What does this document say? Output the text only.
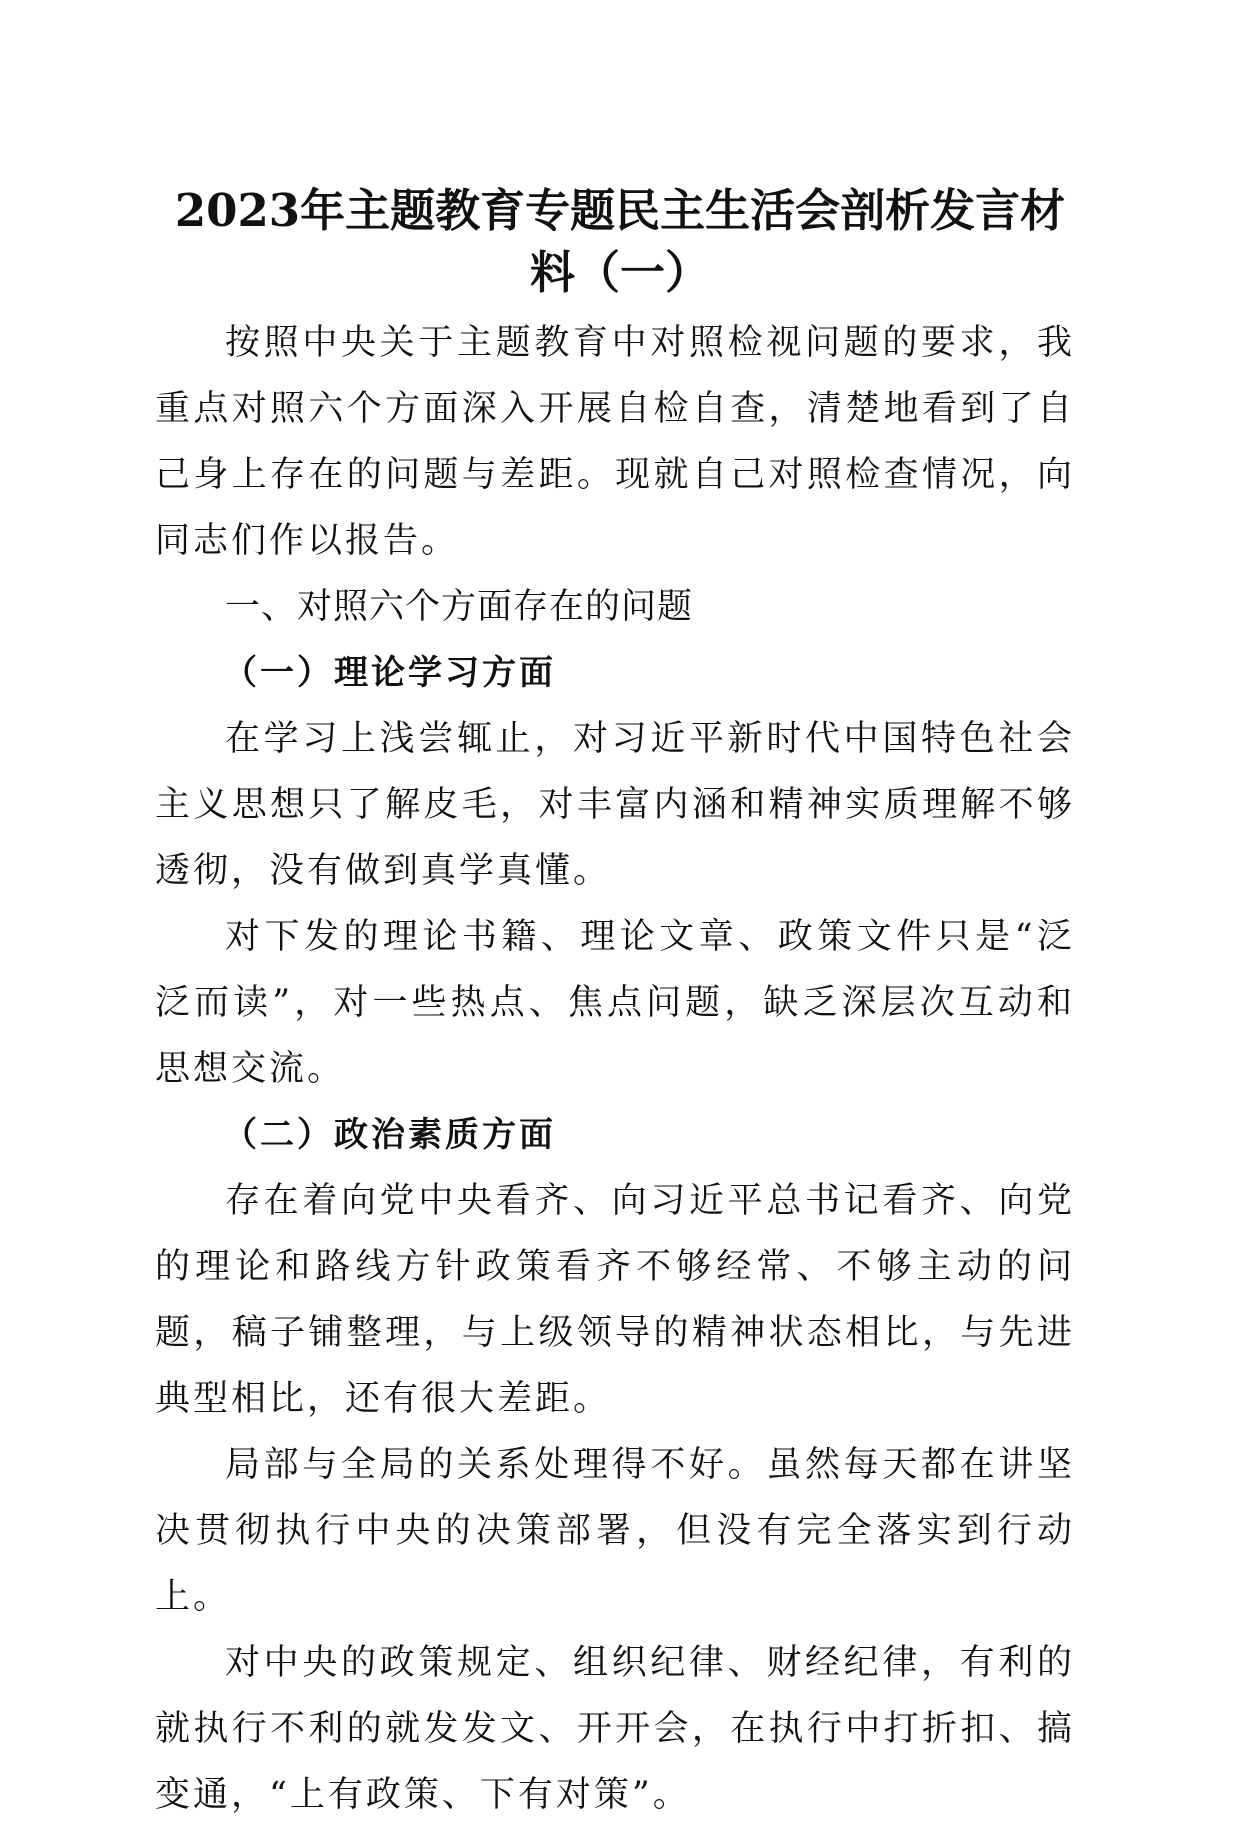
2023年主题教育专题民主生活会剖析发言材
料（一）

按照中央关于主题教育中对照检视问题的要求，我重点对照六个方面深入开展自检自查，清楚地看到了自己身上存在的问题与差距。现就自己对照检查情况，向同志们作以报告。

一、对照六个方面存在的问题

（一）理论学习方面

在学习上浅尝辄止，对习近平新时代中国特色社会主义思想只了解皮毛，对丰富内涵和精神实质理解不够透彻，没有做到真学真懂。

对下发的理论书籍、理论文章、政策文件只是“泛泛而读”，对一些热点、焦点问题，缺乏深层次互动和思想交流。

（二）政治素质方面

存在着向党中央看齐、向习近平总书记看齐、向党的理论和路线方针政策看齐不够经常、不够主动的问题，稿子铺整理，与上级领导的精神状态相比，与先进典型相比，还有很大差距。

局部与全局的关系处理得不好。虽然每天都在讲坚决贯彻执行中央的决策部署，但没有完全落实到行动上。

对中央的政策规定、组织纪律、财经纪律，有利的就执行不利的就发发文、开开会，在执行中打折扣、搞变通，“上有政策、下有对策”。
